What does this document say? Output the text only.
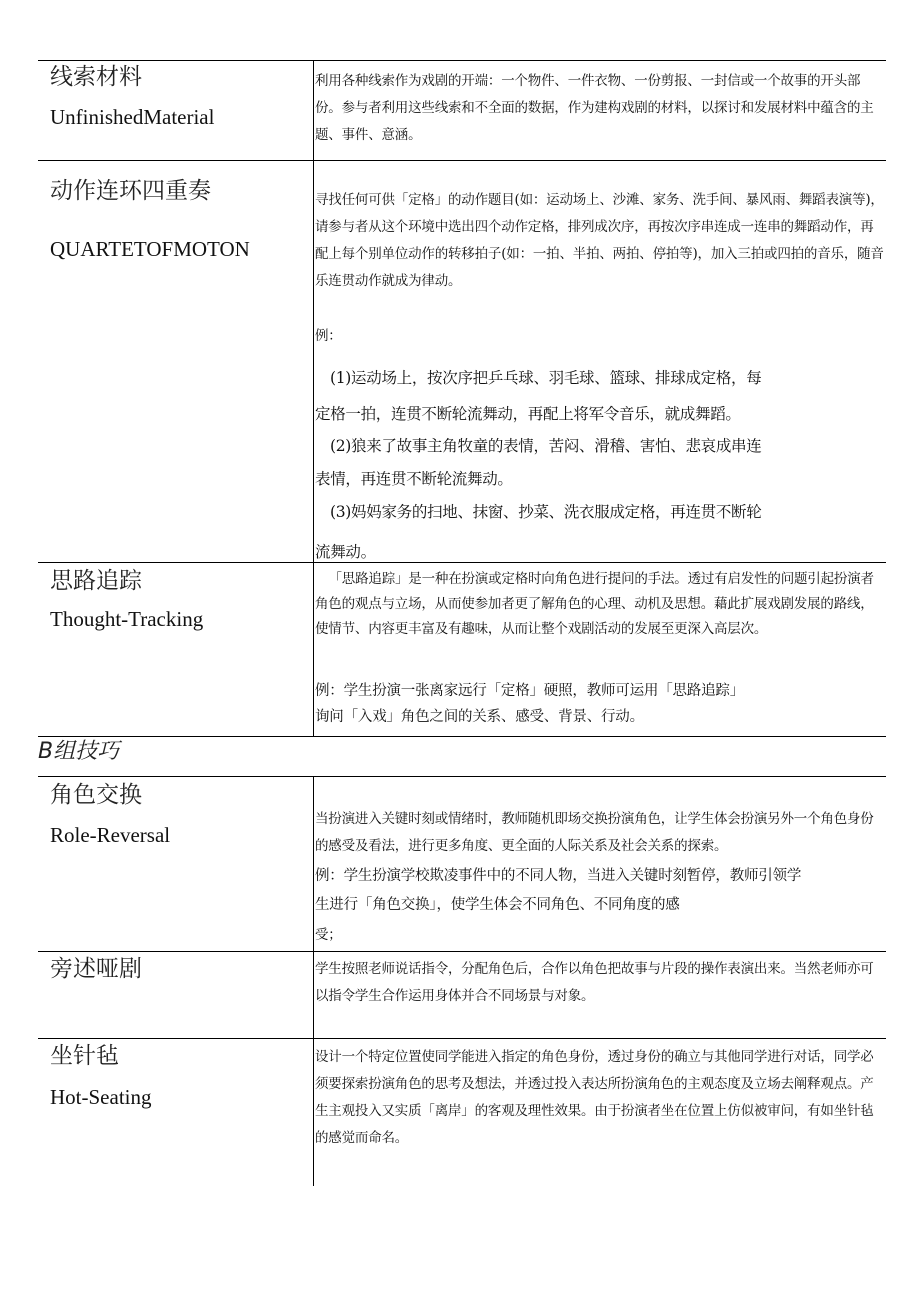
线索材料
UnfinishedMaterial

利用各种线索作为戏剧的开端：一个物件、一件衣物、一份剪报、一封信或一个故事的开头部份。参与者利用这些线索和不全面的数据，作为建构戏剧的材料，以探讨和发展材料中蕴含的主题、事件、意涵。

动作连环四重奏
QUARTETOFMOTON

寻找任何可供「定格」的动作题目(如：运动场上、沙滩、家务、洗手间、暴风雨、舞蹈表演等)，请参与者从这个环境中选出四个动作定格，排列成次序，再按次序串连成一连串的舞蹈动作，再配上每个别单位动作的转移拍子(如：一拍、半拍、两拍、停拍等)，加入三拍或四拍的音乐，随音乐连贯动作就成为律动。

例：
(1)运动场上，按次序把乒乓球、羽毛球、篮球、排球成定格，每
定格一拍，连贯不断轮流舞动，再配上将军令音乐，就成舞蹈。
(2)狼来了故事主角牧童的表情，苦闷、滑稽、害怕、悲哀成串连
表情，再连贯不断轮流舞动。
(3)妈妈家务的扫地、抹窗、抄菜、洗衣服成定格，再连贯不断轮
流舞动。
思路追踪
Thought-Tracking

「思路追踪」是一种在扮演或定格时向角色进行提问的手法。透过有启发性的问题引起扮演者角色的观点与立场，从而使参加者更了解角色的心理、动机及思想。藉此扩展戏剧发展的路线，使情节、内容更丰富及有趣味，从而让整个戏剧活动的发展至更深入高层次。

例：学生扮演一张离家远行「定格」硬照，教师可运用「思路追踪」
询问「入戏」角色之间的关系、感受、背景、行动。
B组技巧
角色交换
Role-Reversal

当扮演进入关键时刻或情绪时，教师随机即场交换扮演角色，让学生体会扮演另外一个角色身份的感受及看法，进行更多角度、更全面的人际关系及社会关系的探索。

例：学生扮演学校欺凌事件中的不同人物，当进入关键时刻暂停，教师引领学
生进行「角色交换」，使学生体会不同角色、不同角度的感
受；
旁述哑剧	学生按照老师说话指令，分配角色后，合作以角色把故事与片段的操作表演出来。当然老师亦可以指令学生合作运用身体并合不同场景与对象。

坐针毡
Hot-Seating

设计一个特定位置使同学能进入指定的角色身份，透过身份的确立与其他同学进行对话，同学必须要探索扮演角色的思考及想法，并透过投入表达所扮演角色的主观态度及立场去阐释观点。产生主观投入又实质「离岸」的客观及理性效果。由于扮演者坐在位置上仿似被审问，有如坐针毡的感觉而命名。
